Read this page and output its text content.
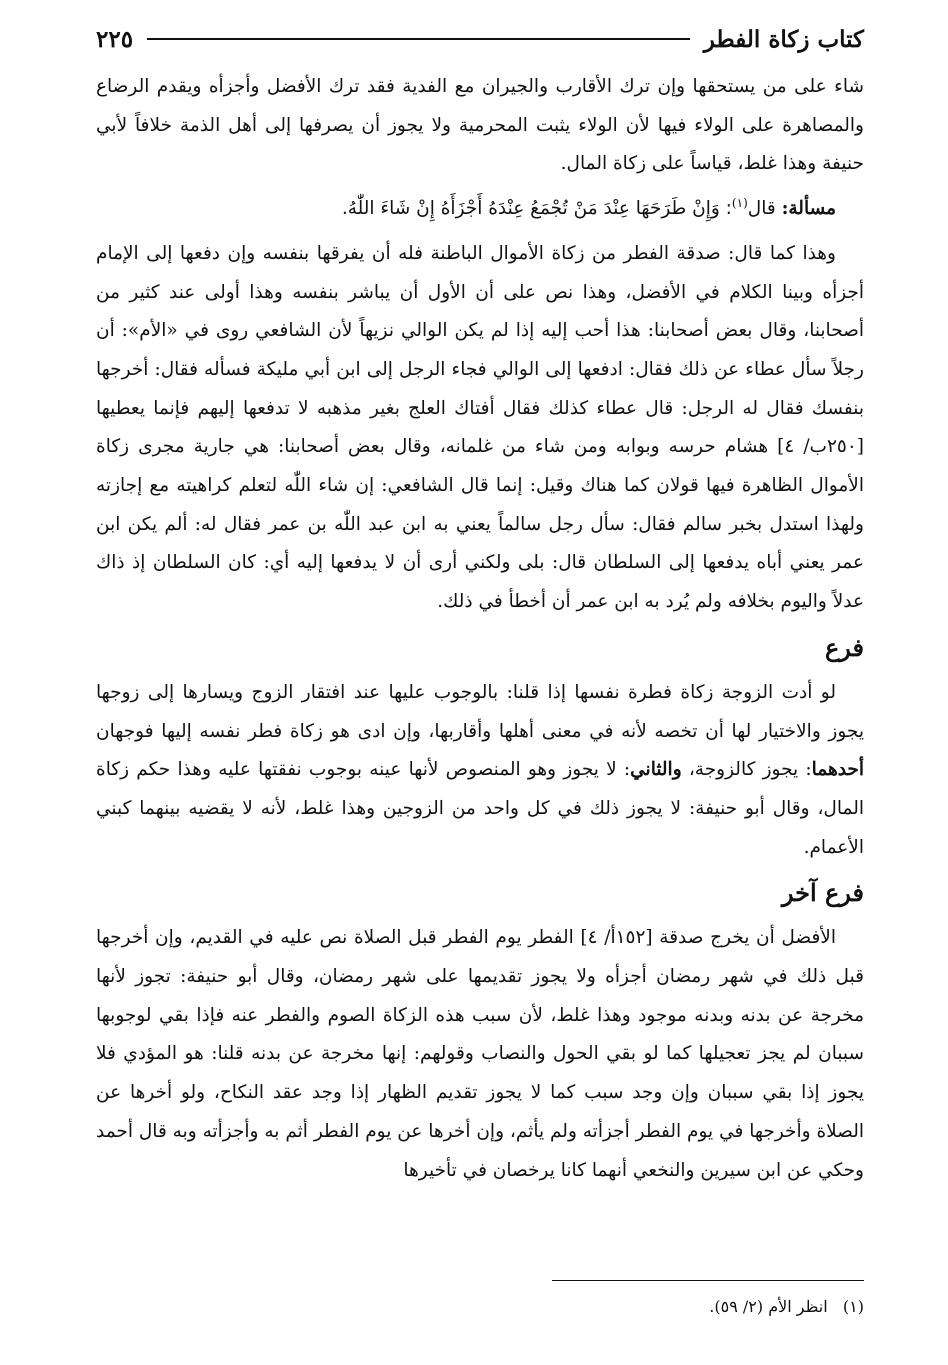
كتاب زكاة الفطر
٢٢٥

شاء على من يستحقها وإن ترك الأقارب والجيران مع الفدية فقد ترك الأفضل وأجزأه ويقدم الرضاع والمصاهرة على الولاء فيها لأن الولاء يثبت المحرمية ولا يجوز أن يصرفها إلى أهل الذمة خلافاً لأبي حنيفة وهذا غلط، قياساً على زكاة المال.

مسألة: قال$^{(١)}$: وَإِنْ طَرَحَهَا عِنْدَ مَنْ تُجْمَعُ عِنْدَهُ أَجْزَأَهُ إِنْ شَاءَ اللّٰهُ.

وهذا كما قال: صدقة الفطر من زكاة الأموال الباطنة فله أن يفرقها بنفسه وإن دفعها إلى الإمام أجزأه وبينا الكلام في الأفضل، وهذا نص على أن الأول أن يباشر بنفسه وهذا أولى عند كثير من أصحابنا، وقال بعض أصحابنا: هذا أحب إليه إذا لم يكن الوالي نزيهاً لأن الشافعي روى في «الأم»: أن رجلاً سأل عطاء عن ذلك فقال: ادفعها إلى الوالي فجاء الرجل إلى ابن أبي مليكة فسأله فقال: أخرجها بنفسك فقال له الرجل: قال عطاء كذلك فقال أفتاك العلج بغير مذهبه لا تدفعها إليهم فإنما يعطيها [٢٥٠ب/ ٤] هشام حرسه وبوابه ومن شاء من غلمانه، وقال بعض أصحابنا: هي جارية مجرى زكاة الأموال الظاهرة فيها قولان كما هناك وقيل: إنما قال الشافعي: إن شاء اللّٰه لتعلم كراهيته مع إجازته ولهذا استدل بخبر سالم فقال: سأل رجل سالماً يعني به ابن عبد اللّٰه بن عمر فقال له: ألم يكن ابن عمر يعني أباه يدفعها إلى السلطان قال: بلى ولكني أرى أن لا يدفعها إليه أي: كان السلطان إذ ذاك عدلاً واليوم بخلافه ولم يُرد به ابن عمر أن أخطأ في ذلك.

فرع

لو أدت الزوجة زكاة فطرة نفسها إذا قلنا: بالوجوب عليها عند افتقار الزوج ويسارها إلى زوجها يجوز والاختيار لها أن تخصه لأنه في معنى أهلها وأقاربها، وإن ادى هو زكاة فطر نفسه إليها فوجهان أحدهما: يجوز كالزوجة، والثاني: لا يجوز وهو المنصوص لأنها عينه بوجوب نفقتها عليه وهذا حكم زكاة المال، وقال أبو حنيفة: لا يجوز ذلك في كل واحد من الزوجين وهذا غلط، لأنه لا يقضيه بينهما كبني الأعمام.

فرع آخر

الأفضل أن يخرج صدقة [١٥٢أ/ ٤] الفطر يوم الفطر قبل الصلاة نص عليه في القديم، وإن أخرجها قبل ذلك في شهر رمضان أجزأه ولا يجوز تقديمها على شهر رمضان، وقال أبو حنيفة: تجوز لأنها مخرجة عن بدنه وبدنه موجود وهذا غلط، لأن سبب هذه الزكاة الصوم والفطر عنه فإذا بقي لوجوبها سببان لم يجز تعجيلها كما لو بقي الحول والنصاب وقولهم: إنها مخرجة عن بدنه قلنا: هو المؤدي فلا يجوز إذا بقي سببان وإن وجد سبب كما لا يجوز تقديم الظهار إذا وجد عقد النكاح، ولو أخرها عن الصلاة وأخرجها في يوم الفطر أجزأته ولم يأثم، وإن أخرها عن يوم الفطر أثم به وأجزأته وبه قال أحمد وحكي عن ابن سيرين والنخعي أنهما كانا يرخصان في تأخيرها

(١)   انظر الأم (٢/ ٥٩).
